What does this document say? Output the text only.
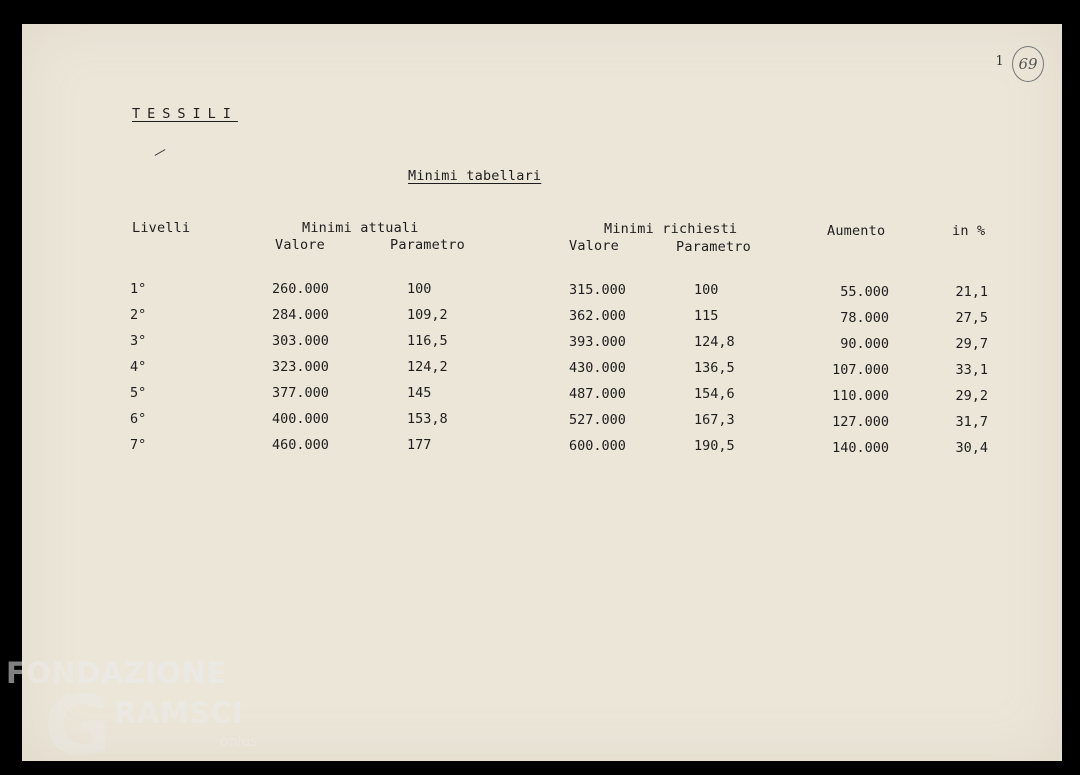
1 69
TESSILI
Minimi tabellari
Livelli	Minimi attuali	Minimi richiesti	Aumento	in %
Valore	Parametro	Valore	Parametro
1°	260.000	100	315.000	100	55.000	21,1
2°	284.000	109,2	362.000	115	78.000	27,5
3°	303.000	116,5	393.000	124,8	90.000	29,7
4°	323.000	124,2	430.000	136,5	107.000	33,1
5°	377.000	145	487.000	154,6	110.000	29,2
6°	400.000	153,8	527.000	167,3	127.000	31,7
7°	460.000	177	600.000	190,5	140.000	30,4
FONDAZIONE
G RAMSCI
onlus
